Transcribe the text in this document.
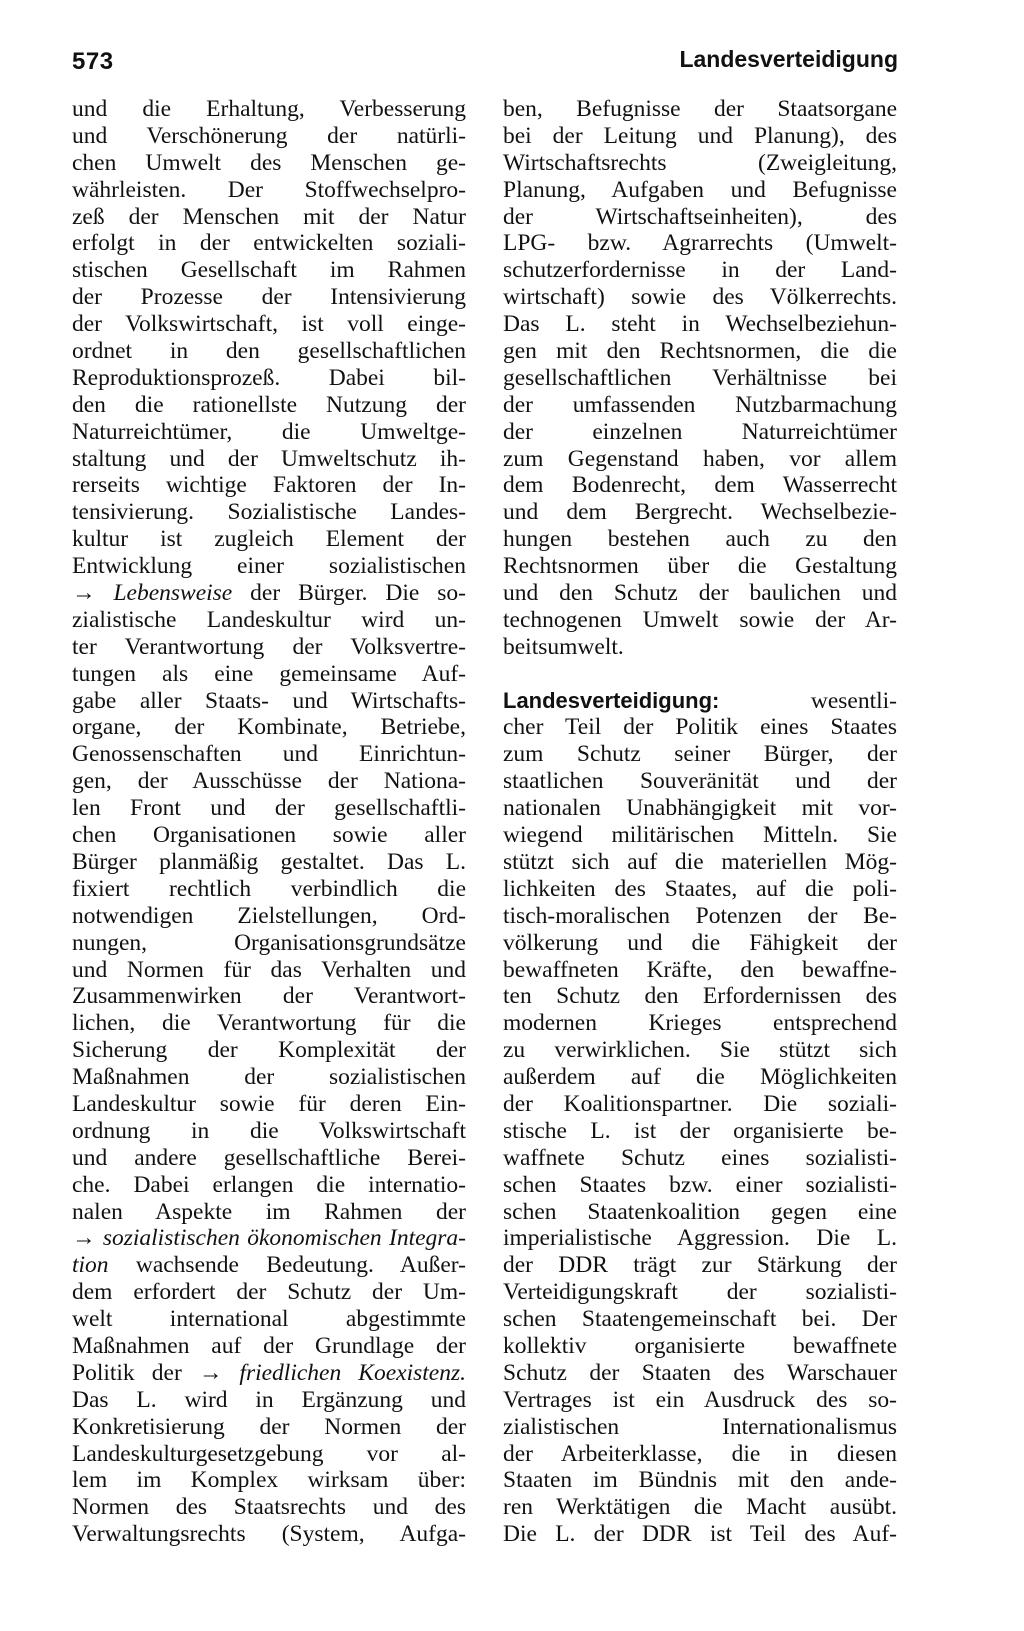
573	Landesverteidigung
und die Erhaltung, Verbesserung
und Verschönerung der natürli-
chen Umwelt des Menschen ge-
währleisten. Der Stoffwechselpro-
zeß der Menschen mit der Natur
erfolgt in der entwickelten soziali-
stischen Gesellschaft im Rahmen
der Prozesse der Intensivierung
der Volkswirtschaft, ist voll einge-
ordnet in den gesellschaftlichen
Reproduktionsprozeß. Dabei bil-
den die rationellste Nutzung der
Naturreichtümer, die Umweltge-
staltung und der Umweltschutz ih-
rerseits wichtige Faktoren der In-
tensivierung. Sozialistische Landes-
kultur ist zugleich Element der
Entwicklung einer sozialistischen
→ Lebensweise der Bürger. Die so-
zialistische Landeskultur wird un-
ter Verantwortung der Volksvertre-
tungen als eine gemeinsame Auf-
gabe aller Staats- und Wirtschafts-
organe, der Kombinate, Betriebe,
Genossenschaften und Einrichtun-
gen, der Ausschüsse der Nationa-
len Front und der gesellschaftli-
chen Organisationen sowie aller
Bürger planmäßig gestaltet. Das L.
fixiert rechtlich verbindlich die
notwendigen Zielstellungen, Ord-
nungen, Organisationsgrundsätze
und Normen für das Verhalten und
Zusammenwirken der Verantwort-
lichen, die Verantwortung für die
Sicherung der Komplexität der
Maßnahmen der sozialistischen
Landeskultur sowie für deren Ein-
ordnung in die Volkswirtschaft
und andere gesellschaftliche Berei-
che. Dabei erlangen die internatio-
nalen Aspekte im Rahmen der
→ sozialistischen ökonomischen Integra-
tion wachsende Bedeutung. Außer-
dem erfordert der Schutz der Um-
welt international abgestimmte
Maßnahmen auf der Grundlage der
Politik der → friedlichen Koexistenz.
Das L. wird in Ergänzung und
Konkretisierung der Normen der
Landeskulturgesetzgebung vor al-
lem im Komplex wirksam über:
Normen des Staatsrechts und des
Verwaltungsrechts (System, Aufga-
ben, Befugnisse der Staatsorgane
bei der Leitung und Planung), des
Wirtschaftsrechts (Zweigleitung,
Planung, Aufgaben und Befugnisse
der Wirtschaftseinheiten), des
LPG- bzw. Agrarrechts (Umwelt-
schutzerfordernisse in der Land-
wirtschaft) sowie des Völkerrechts.
Das L. steht in Wechselbeziehun-
gen mit den Rechtsnormen, die die
gesellschaftlichen Verhältnisse bei
der umfassenden Nutzbarmachung
der einzelnen Naturreichtümer
zum Gegenstand haben, vor allem
dem Bodenrecht, dem Wasserrecht
und dem Bergrecht. Wechselbezie-
hungen bestehen auch zu den
Rechtsnormen über die Gestaltung
und den Schutz der baulichen und
technogenen Umwelt sowie der Ar-
beitsumwelt.
Landesverteidigung: wesentli-
cher Teil der Politik eines Staates
zum Schutz seiner Bürger, der
staatlichen Souveränität und der
nationalen Unabhängigkeit mit vor-
wiegend militärischen Mitteln. Sie
stützt sich auf die materiellen Mög-
lichkeiten des Staates, auf die poli-
tisch-moralischen Potenzen der Be-
völkerung und die Fähigkeit der
bewaffneten Kräfte, den bewaffne-
ten Schutz den Erfordernissen des
modernen Krieges entsprechend
zu verwirklichen. Sie stützt sich
außerdem auf die Möglichkeiten
der Koalitionspartner. Die soziali-
stische L. ist der organisierte be-
waffnete Schutz eines sozialisti-
schen Staates bzw. einer sozialisti-
schen Staatenkoalition gegen eine
imperialistische Aggression. Die L.
der DDR trägt zur Stärkung der
Verteidigungskraft der sozialisti-
schen Staatengemeinschaft bei. Der
kollektiv organisierte bewaffnete
Schutz der Staaten des Warschauer
Vertrages ist ein Ausdruck des so-
zialistischen Internationalismus
der Arbeiterklasse, die in diesen
Staaten im Bündnis mit den ande-
ren Werktätigen die Macht ausübt.
Die L. der DDR ist Teil des Auf-
